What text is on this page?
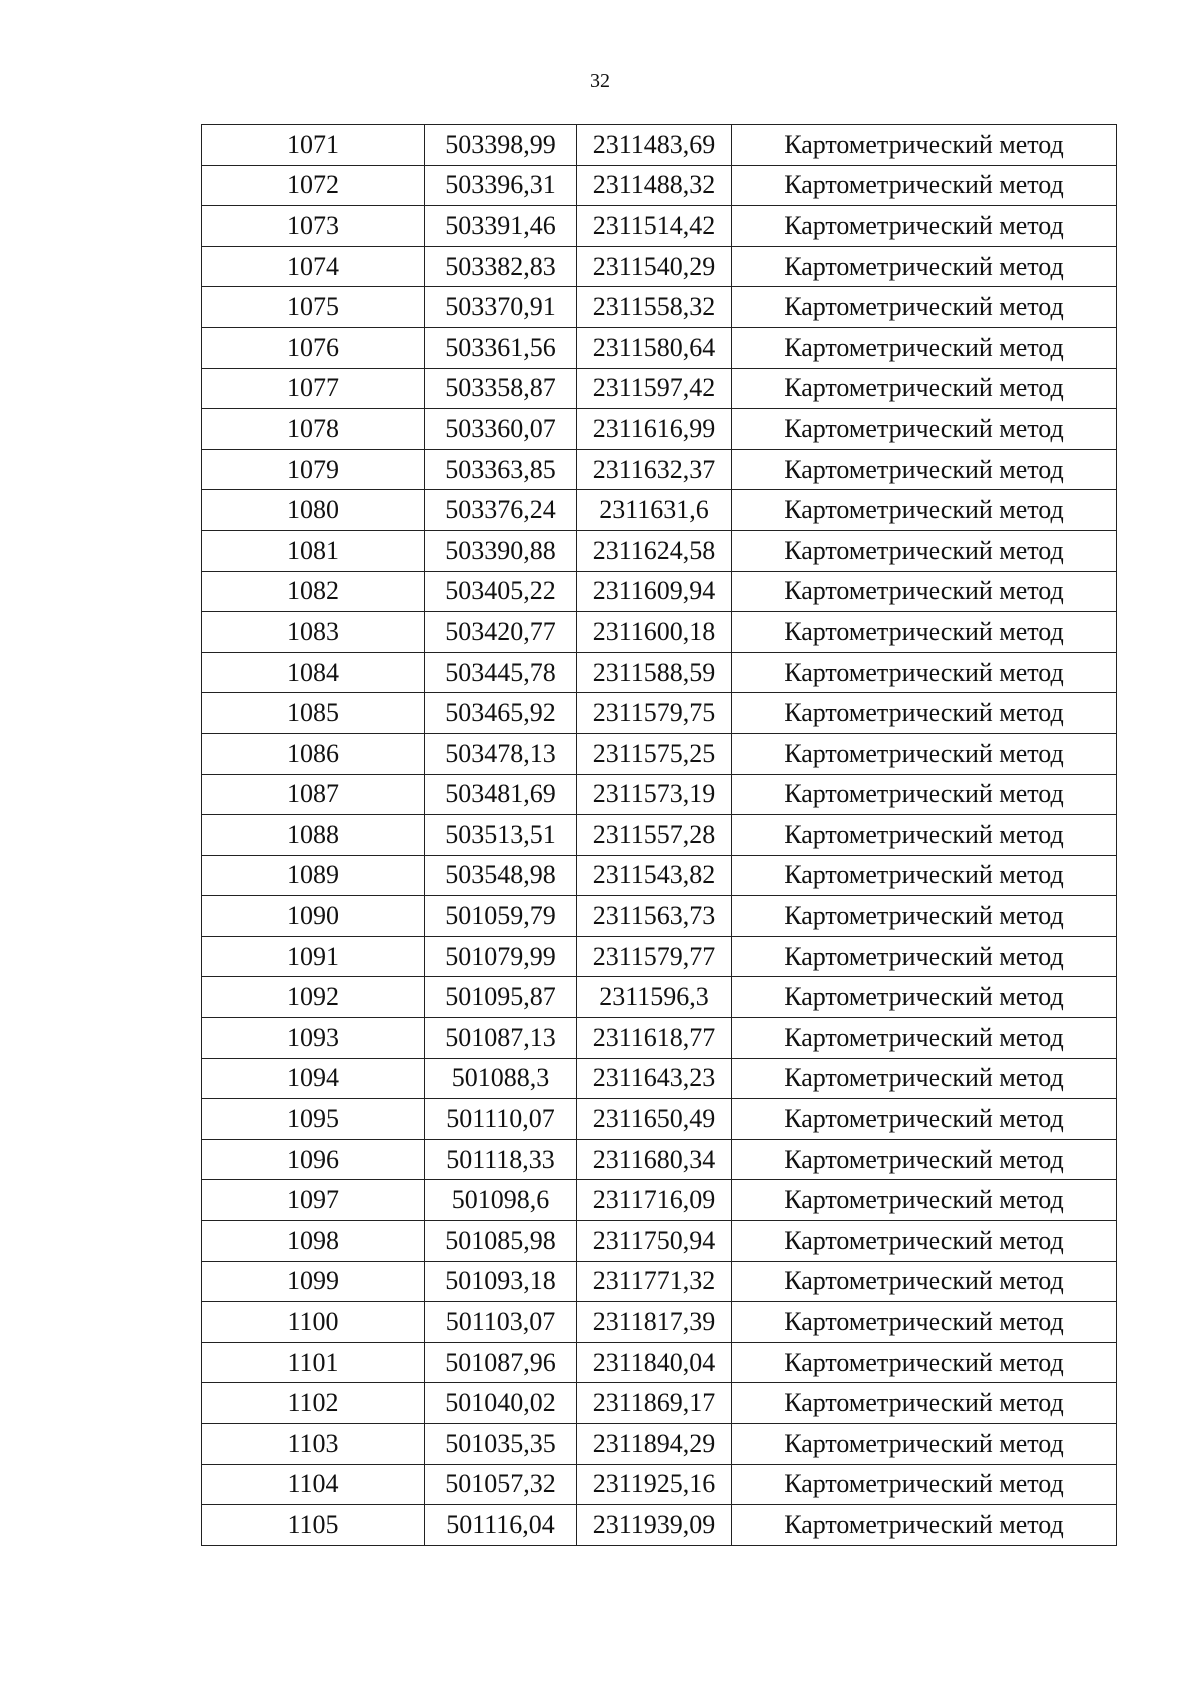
32
1071	503398,99	2311483,69	Картометрический метод
1072	503396,31	2311488,32	Картометрический метод
1073	503391,46	2311514,42	Картометрический метод
1074	503382,83	2311540,29	Картометрический метод
1075	503370,91	2311558,32	Картометрический метод
1076	503361,56	2311580,64	Картометрический метод
1077	503358,87	2311597,42	Картометрический метод
1078	503360,07	2311616,99	Картометрический метод
1079	503363,85	2311632,37	Картометрический метод
1080	503376,24	2311631,6	Картометрический метод
1081	503390,88	2311624,58	Картометрический метод
1082	503405,22	2311609,94	Картометрический метод
1083	503420,77	2311600,18	Картометрический метод
1084	503445,78	2311588,59	Картометрический метод
1085	503465,92	2311579,75	Картометрический метод
1086	503478,13	2311575,25	Картометрический метод
1087	503481,69	2311573,19	Картометрический метод
1088	503513,51	2311557,28	Картометрический метод
1089	503548,98	2311543,82	Картометрический метод
1090	501059,79	2311563,73	Картометрический метод
1091	501079,99	2311579,77	Картометрический метод
1092	501095,87	2311596,3	Картометрический метод
1093	501087,13	2311618,77	Картометрический метод
1094	501088,3	2311643,23	Картометрический метод
1095	501110,07	2311650,49	Картометрический метод
1096	501118,33	2311680,34	Картометрический метод
1097	501098,6	2311716,09	Картометрический метод
1098	501085,98	2311750,94	Картометрический метод
1099	501093,18	2311771,32	Картометрический метод
1100	501103,07	2311817,39	Картометрический метод
1101	501087,96	2311840,04	Картометрический метод
1102	501040,02	2311869,17	Картометрический метод
1103	501035,35	2311894,29	Картометрический метод
1104	501057,32	2311925,16	Картометрический метод
1105	501116,04	2311939,09	Картометрический метод
